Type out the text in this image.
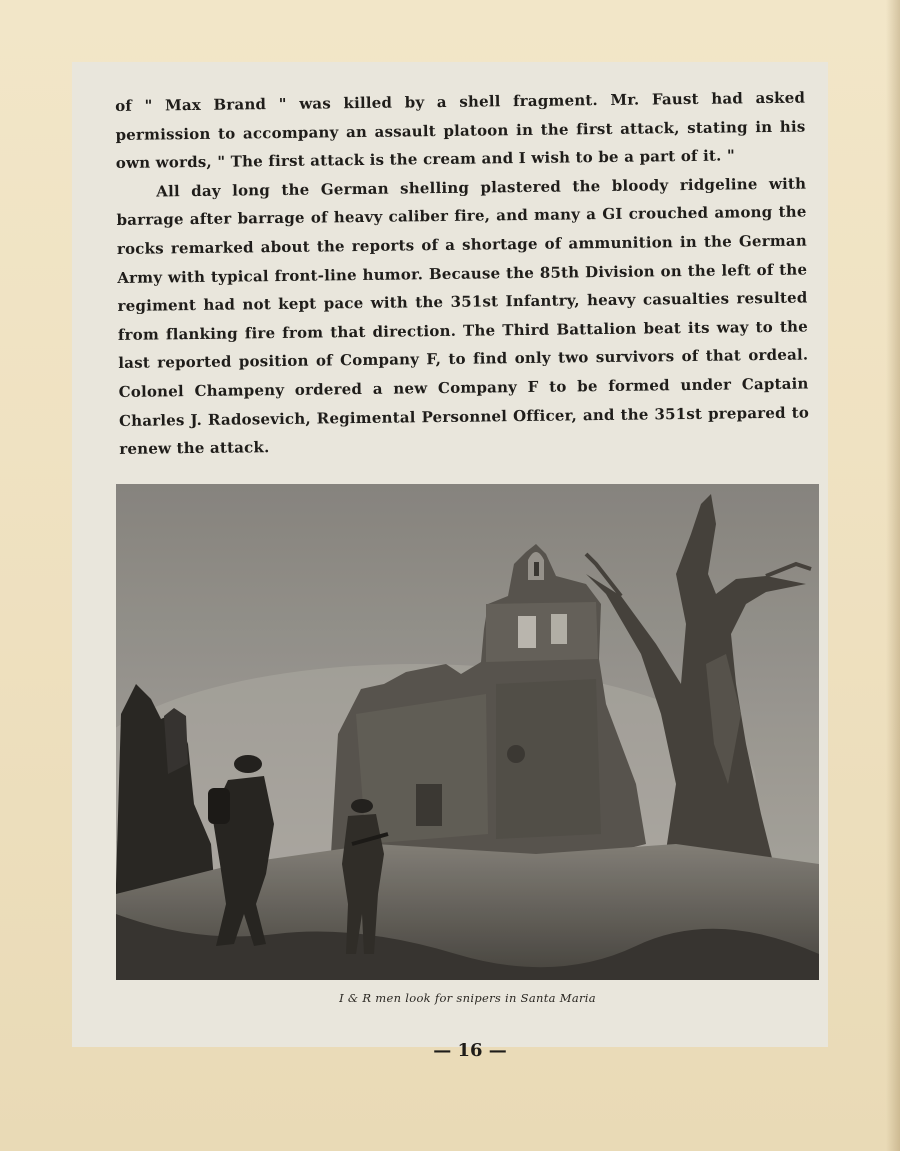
of " Max Brand " was killed by a shell fragment. Mr. Faust had asked permission to accompany an assault platoon in the first attack, stating in his own words, " The first attack is the cream and I wish to be a part of it. "

All day long the German shelling plastered the bloody ridgeline with barrage after barrage of heavy caliber fire, and many a GI crouched among the rocks remarked about the reports of a shortage of ammunition in the German Army with typical front-line humor. Because the 85th Division on the left of the regiment had not kept pace with the 351st Infantry, heavy casualties resulted from flanking fire from that direction. The Third Battalion beat its way to the last reported position of Company F, to find only two survivors of that ordeal. Colonel Champeny ordered a new Company F to be formed under Captain Charles J. Radosevich, Regimental Personnel Officer, and the 351st prepared to renew the attack.

I & R men look for snipers in Santa Maria
— 16 —
